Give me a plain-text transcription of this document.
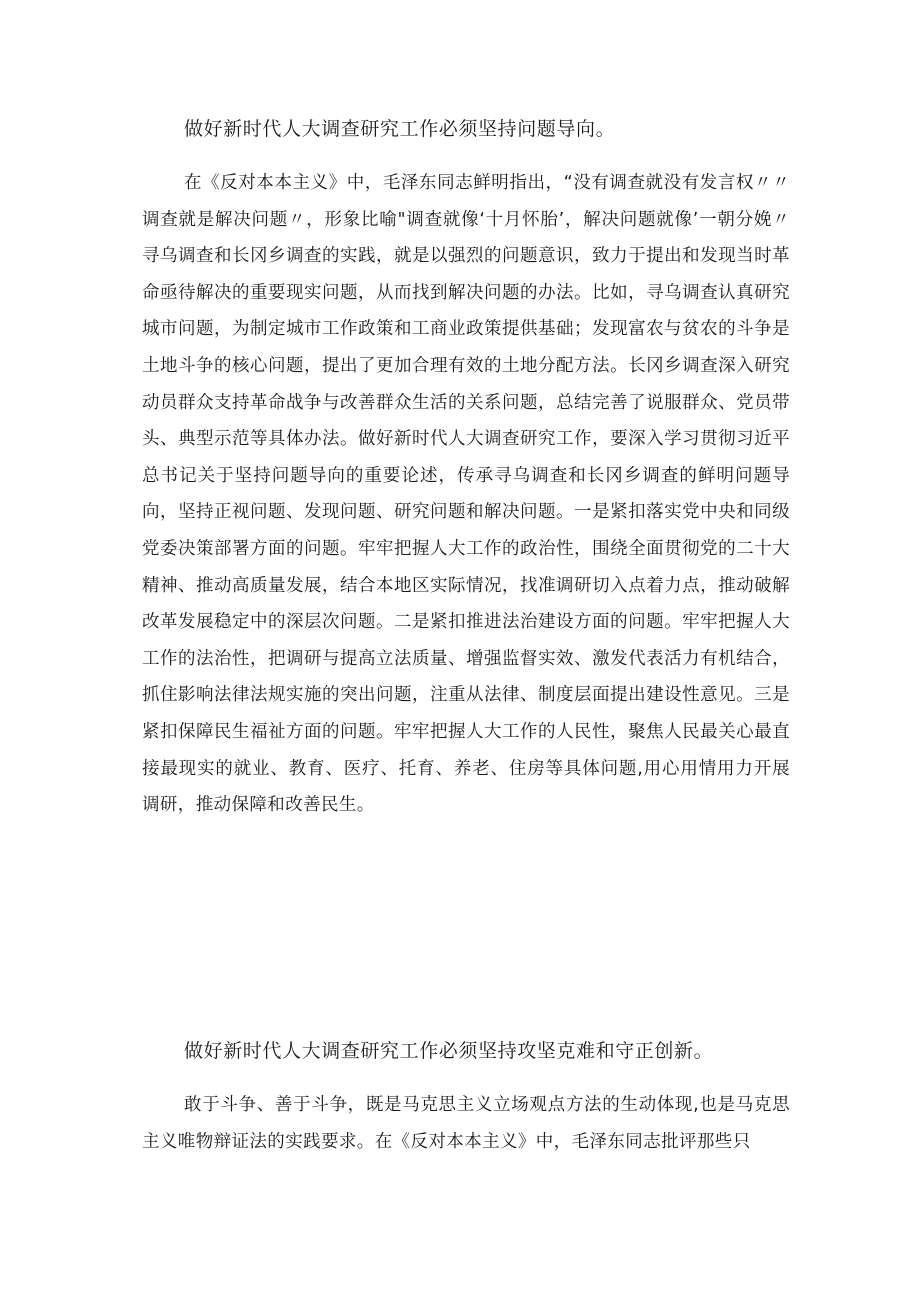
做好新时代人大调查研究工作必须坚持问题导向。
在《反对本本主义》中，毛泽东同志鲜明指出，“没有调查就没有发言权〃〃调查就是解决问题〃，形象比喻"调查就像‘十月怀胎’，解决问题就像’一朝分娩〃寻乌调查和长冈乡调查的实践，就是以强烈的问题意识，致力于提出和发现当时革命亟待解决的重要现实问题，从而找到解决问题的办法。比如，寻乌调查认真研究城市问题，为制定城市工作政策和工商业政策提供基础；发现富农与贫农的斗争是土地斗争的核心问题，提出了更加合理有效的土地分配方法。长冈乡调查深入研究动员群众支持革命战争与改善群众生活的关系问题，总结完善了说服群众、党员带头、典型示范等具体办法。做好新时代人大调查研究工作，要深入学习贯彻习近平总书记关于坚持问题导向的重要论述，传承寻乌调查和长冈乡调查的鲜明问题导向，坚持正视问题、发现问题、研究问题和解决问题。一是紧扣落实党中央和同级党委决策部署方面的问题。牢牢把握人大工作的政治性，围绕全面贯彻党的二十大精神、推动高质量发展，结合本地区实际情况，找准调研切入点着力点，推动破解改革发展稳定中的深层次问题。二是紧扣推进法治建设方面的问题。牢牢把握人大工作的法治性，把调研与提高立法质量、增强监督实效、激发代表活力有机结合，抓住影响法律法规实施的突出问题，注重从法律、制度层面提出建设性意见。三是紧扣保障民生福祉方面的问题。牢牢把握人大工作的人民性，聚焦人民最关心最直接最现实的就业、教育、医疗、托育、养老、住房等具体问题,用心用情用力开展调研，推动保障和改善民生。
做好新时代人大调查研究工作必须坚持攻坚克难和守正创新。
敢于斗争、善于斗争，既是马克思主义立场观点方法的生动体现,也是马克思主义唯物辩证法的实践要求。在《反对本本主义》中，毛泽东同志批评那些只
